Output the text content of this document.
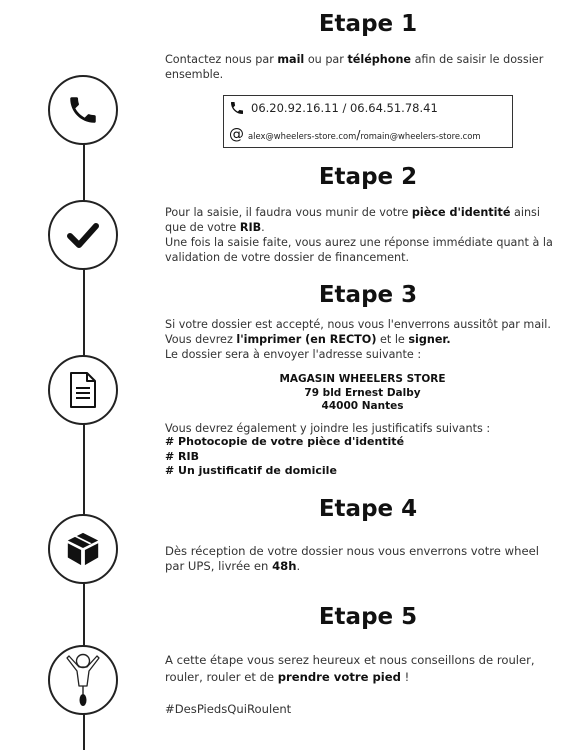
Etape 1

Contactez nous par mail ou par téléphone afin de saisir le dossier ensemble.

06.20.92.16.11 / 06.64.51.78.41
@ alex@wheelers-store.com/romain@wheelers-store.com
Etape 2

Pour la saisie, il faudra vous munir de votre pièce d'identité ainsi que de votre RIB.
Une fois la saisie faite, vous aurez une réponse immédiate quant à la validation de votre dossier de financement.

Etape 3

Si votre dossier est accepté, nous vous l'enverrons aussitôt par mail. Vous devrez l'imprimer (en RECTO) et le signer.
Le dossier sera à envoyer l'adresse suivante :

MAGASIN WHEELERS STORE
79 bld Ernest Dalby
44000 Nantes

Vous devrez également y joindre les justificatifs suivants :

# Photocopie de votre pièce d'identité
# RIB
# Un justificatif de domicile
Etape 4

Dès réception de votre dossier nous vous enverrons votre wheel par UPS, livrée en 48h.

Etape 5

A cette étape vous serez heureux et nous conseillons de rouler, rouler, rouler et de prendre votre pied !

#DesPiedsQuiRoulent
